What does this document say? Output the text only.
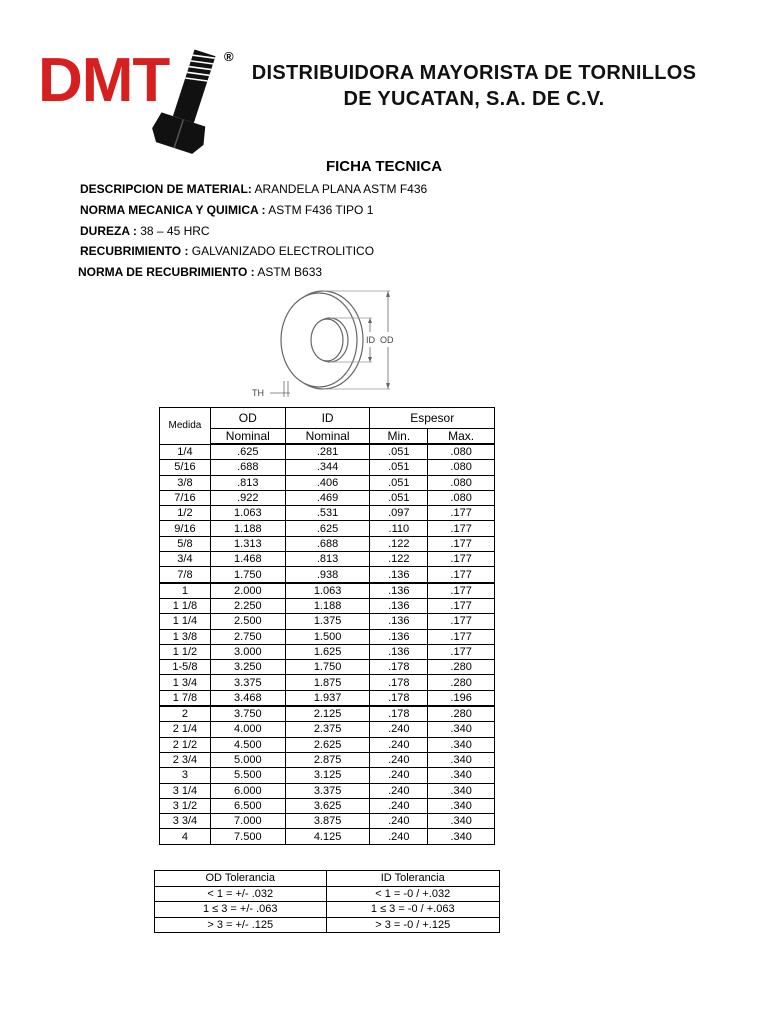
DMT	®
DISTRIBUIDORA MAYORISTA DE TORNILLOS
DE YUCATAN, S.A. DE C.V.
FICHA TECNICA
DESCRIPCION DE MATERIAL: ARANDELA PLANA ASTM F436
NORMA MECANICA Y QUIMICA : ASTM F436 TIPO 1
DUREZA : 38 – 45 HRC
RECUBRIMIENTO : GALVANIZADO ELECTROLITICO
NORMA DE RECUBRIMIENTO : ASTM B633
ID OD
TH
Medida	OD	ID	Espesor	
	Nominal	Nominal	Min.	Max.
1/4	.625	.281	.051	.080
5/16	.688	.344	.051	.080
3/8	.813	.406	.051	.080
7/16	.922	.469	.051	.080
1/2	1.063	.531	.097	.177
9/16	1.188	.625	.110	.177
5/8	1.313	.688	.122	.177
3/4	1.468	.813	.122	.177
7/8	1.750	.938	.136	.177
1	2.000	1.063	.136	.177
1 1/8	2.250	1.188	.136	.177
1 1/4	2.500	1.375	.136	.177
1 3/8	2.750	1.500	.136	.177
1 1/2	3.000	1.625	.136	.177
1-5/8	3.250	1.750	.178	.280
1 3/4	3.375	1.875	.178	.280
1 7/8	3.468	1.937	.178	.196
2	3.750	2.125	.178	.280
2 1/4	4.000	2.375	.240	.340
2 1/2	4.500	2.625	.240	.340
2 3/4	5.000	2.875	.240	.340
3	5.500	3.125	.240	.340
3 1/4	6.000	3.375	.240	.340
3 1/2	6.500	3.625	.240	.340
3 3/4	7.000	3.875	.240	.340
4	7.500	4.125	.240	.340
OD Tolerancia	ID Tolerancia
< 1 = +/- .032	< 1 = -0 / +.032
1 ≤ 3 = +/- .063	1 ≤ 3 = -0 / +.063
> 3 = +/- .125	> 3 = -0 / +.125
